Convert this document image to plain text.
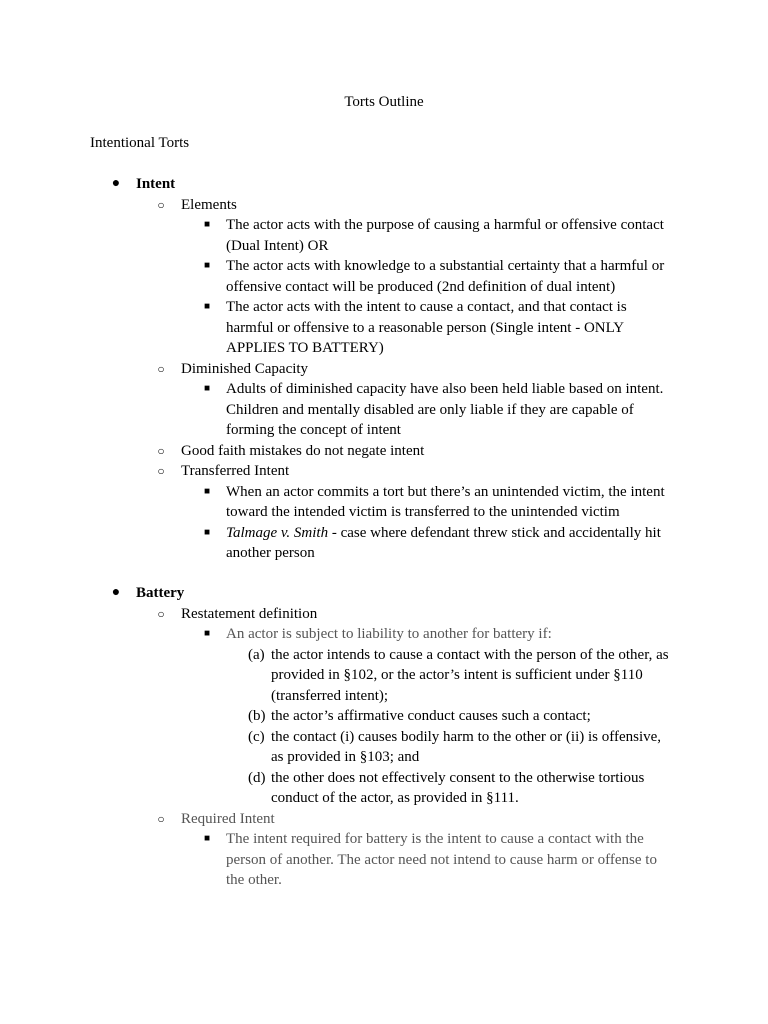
Torts Outline
Intentional Torts
●	Intent
○	Elements
■	The actor acts with the purpose of causing a harmful or offensive contact (Dual Intent) OR
■	The actor acts with knowledge to a substantial certainty that a harmful or offensive contact will be produced (2nd definition of dual intent)
■	The actor acts with the intent to cause a contact, and that contact is harmful or offensive to a reasonable person (Single intent - ONLY APPLIES TO BATTERY)
○	Diminished Capacity
■	Adults of diminished capacity have also been held liable based on intent. Children and mentally disabled are only liable if they are capable of forming the concept of intent
○	Good faith mistakes do not negate intent
○	Transferred Intent
■	When an actor commits a tort but there’s an unintended victim, the intent toward the intended victim is transferred to the unintended victim
■	Talmage v. Smith - case where defendant threw stick and accidentally hit another person
●	Battery
○	Restatement definition
■	An actor is subject to liability to another for battery if:
(a) the actor intends to cause a contact with the person of the other, as provided in §102, or the actor’s intent is sufficient under §110 (transferred intent);
(b) the actor’s affirmative conduct causes such a contact;
(c) the contact (i) causes bodily harm to the other or (ii) is offensive, as provided in §103; and
(d) the other does not effectively consent to the otherwise tortious conduct of the actor, as provided in §111.
○	Required Intent
■	The intent required for battery is the intent to cause a contact with the person of another. The actor need not intend to cause harm or offense to the other.
